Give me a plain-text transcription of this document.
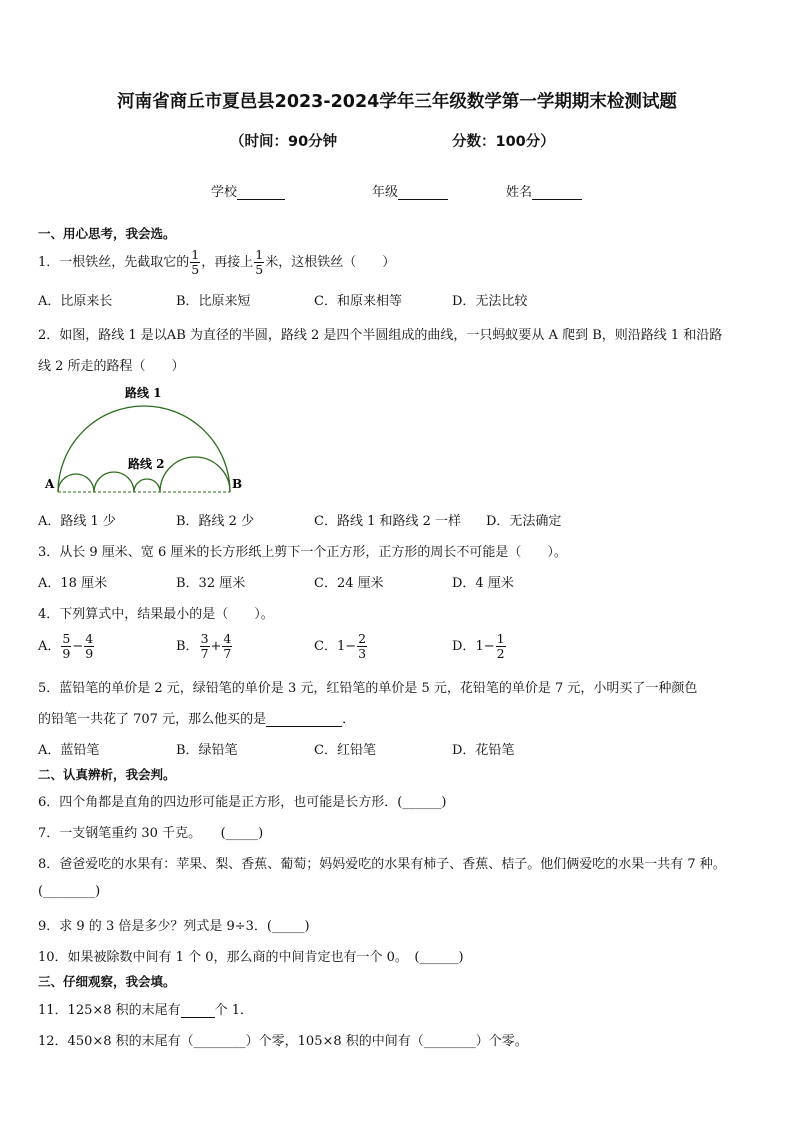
河南省商丘市夏邑县2023-2024学年三年级数学第一学期期末检测试题
（时间：90分钟	分数：100分）
学校	年级	姓名
一、用心思考，我会选。
1．一根铁丝，先截取它的 $\frac{1}{5}$ ，再接上 $\frac{1}{5}$ 米，这根铁丝（　　）
A．比原来长	B．比原来短	C．和原来相等	D．无法比较
2．如图，路线 1 是以AB 为直径的半圆，路线 2 是四个半圆组成的曲线，一只蚂蚁要从 A 爬到 B，则沿路线 1 和沿路
线 2 所走的路程（　　）
路线 1
路线 2
A	B
A．路线 1 少	B．路线 2 少	C．路线 1 和路线 2 一样 D．无法确定
3．从长 9 厘米、宽 6 厘米的长方形纸上剪下一个正方形，正方形的周长不可能是（　　）。
A．18 厘米	B．32 厘米	C．24 厘米	D．4 厘米
4．下列算式中，结果最小的是（　　）。
A． $\frac{5}{9} - \frac{4}{9}$	B． $\frac{3}{7} + \frac{4}{7}$	C．$1- \frac{2}{3}$	D．$1- \frac{1}{2}$
5．蓝铅笔的单价是 2 元，绿铅笔的单价是 3 元，红铅笔的单价是 5 元，花铅笔的单价是 7 元，小明买了一种颜色
的铅笔一共花了 707 元，那么他买的是	．
A．蓝铅笔	B．绿铅笔	C．红铅笔	D．花铅笔
二、认真辨析，我会判。
6．四个角都是直角的四边形可能是正方形，也可能是长方形．(______)
7．一支钢笔重约 30 千克。　　(_____)
8．爸爸爱吃的水果有：苹果、梨、香蕉、葡萄；妈妈爱吃的水果有柿子、香蕉、桔子。他们俩爱吃的水果一共有 7 种。
(________)
9．求 9 的 3 倍是多少？列式是 9÷3．(_____)
10．如果被除数中间有 1 个 0，那么商的中间肯定也有一个 0。　(______)
三、仔细观察，我会填。
11．125×8 积的末尾有	个 1．
12．450×8 积的末尾有（________）个零，105×8 积的中间有（________）个零。
